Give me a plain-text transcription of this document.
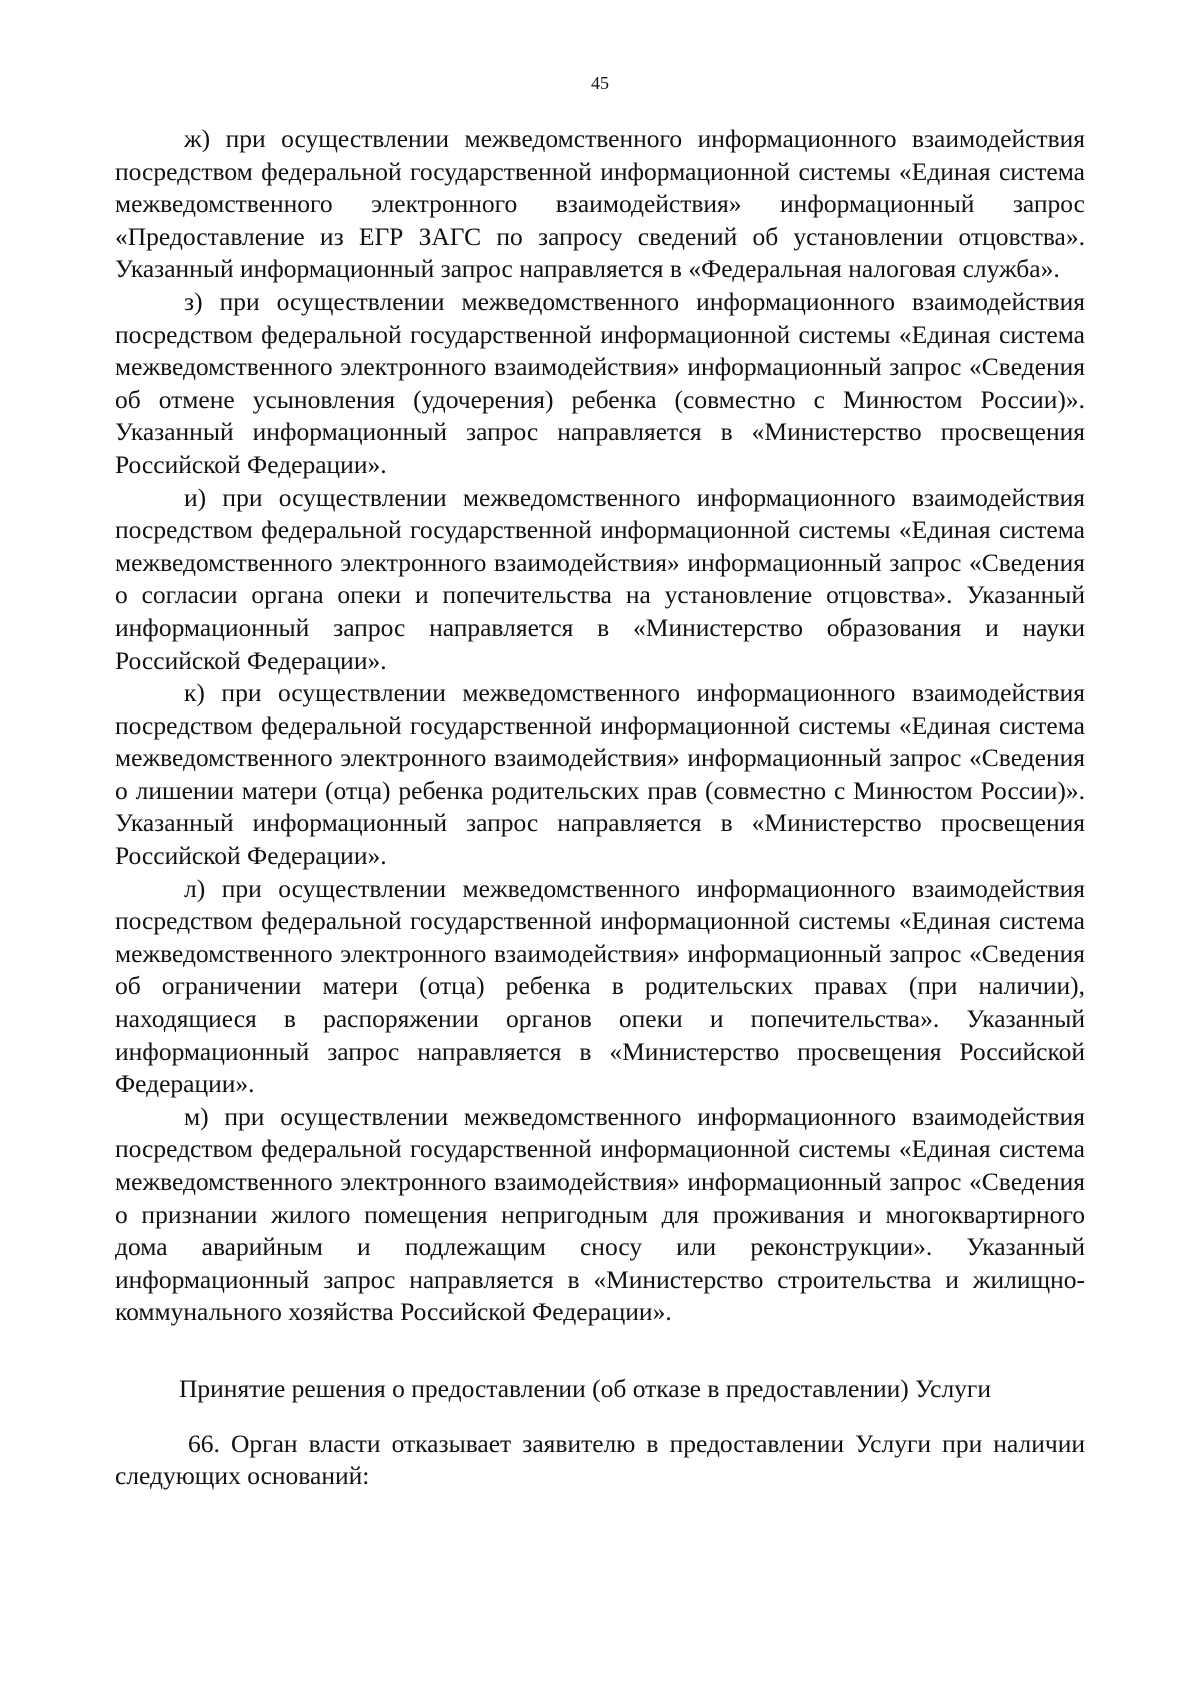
45

ж) при осуществлении межведомственного информационного взаимодействия посредством федеральной государственной информационной системы «Единая система межведомственного электронного взаимодействия» информационный запрос «Предоставление из ЕГР ЗАГС по запросу сведений об установлении отцовства». Указанный информационный запрос направляется в «Федеральная налоговая служба».

з) при осуществлении межведомственного информационного взаимодействия посредством федеральной государственной информационной системы «Единая система межведомственного электронного взаимодействия» информационный запрос «Сведения об отмене усыновления (удочерения) ребенка (совместно с Минюстом России)». Указанный информационный запрос направляется в «Министерство просвещения Российской Федерации».

и) при осуществлении межведомственного информационного взаимодействия посредством федеральной государственной информационной системы «Единая система межведомственного электронного взаимодействия» информационный запрос «Сведения о согласии органа опеки и попечительства на установление отцовства». Указанный информационный запрос направляется в «Министерство образования и науки Российской Федерации».

к) при осуществлении межведомственного информационного взаимодействия посредством федеральной государственной информационной системы «Единая система межведомственного электронного взаимодействия» информационный запрос «Сведения о лишении матери (отца) ребенка родительских прав (совместно с Минюстом России)». Указанный информационный запрос направляется в «Министерство просвещения Российской Федерации».

л) при осуществлении межведомственного информационного взаимодействия посредством федеральной государственной информационной системы «Единая система межведомственного электронного взаимодействия» информационный запрос «Сведения об ограничении матери (отца) ребенка в родительских правах (при наличии), находящиеся в распоряжении органов опеки и попечительства». Указанный информационный запрос направляется в «Министерство просвещения Российской Федерации».

м) при осуществлении межведомственного информационного взаимодействия посредством федеральной государственной информационной системы «Единая система межведомственного электронного взаимодействия» информационный запрос «Сведения о признании жилого помещения непригодным для проживания и многоквартирного дома аварийным и подлежащим сносу или реконструкции». Указанный информационный запрос направляется в «Министерство строительства и жилищно-коммунального хозяйства Российской Федерации».

Принятие решения о предоставлении (об отказе в предоставлении) Услуги

66. Орган власти отказывает заявителю в предоставлении Услуги при наличии следующих оснований:
